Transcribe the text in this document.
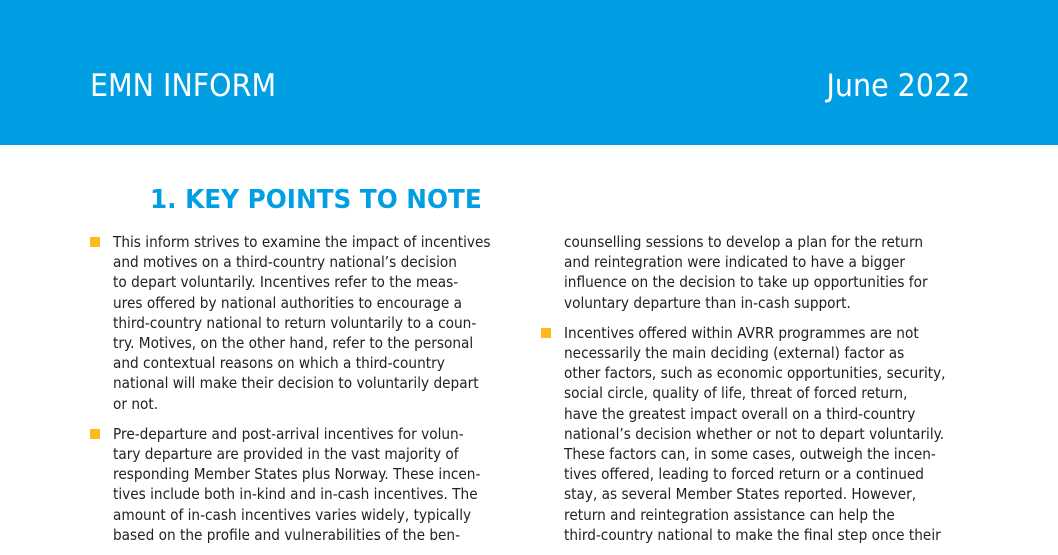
EMN INFORM	June 2022
1. KEY POINTS TO NOTE
This inform strives to examine the impact of incentives
and motives on a third-country national’s decision
to depart voluntarily. Incentives refer to the meas-
ures offered by national authorities to encourage a
third-country national to return voluntarily to a coun-
try. Motives, on the other hand, refer to the personal
and contextual reasons on which a third-country
national will make their decision to voluntarily depart
or not.
Pre-departure and post-arrival incentives for volun-
tary departure are provided in the vast majority of
responding Member States plus Norway. These incen-
tives include both in-kind and in-cash incentives. The
amount of in-cash incentives varies widely, typically
based on the profile and vulnerabilities of the ben-
counselling sessions to develop a plan for the return
and reintegration were indicated to have a bigger
influence on the decision to take up opportunities for
voluntary departure than in-cash support.
Incentives offered within AVRR programmes are not
necessarily the main deciding (external) factor as
other factors, such as economic opportunities, security,
social circle, quality of life, threat of forced return,
have the greatest impact overall on a third-country
national’s decision whether or not to depart voluntarily.
These factors can, in some cases, outweigh the incen-
tives offered, leading to forced return or a continued
stay, as several Member States reported. However,
return and reintegration assistance can help the
third-country national to make the final step once their
